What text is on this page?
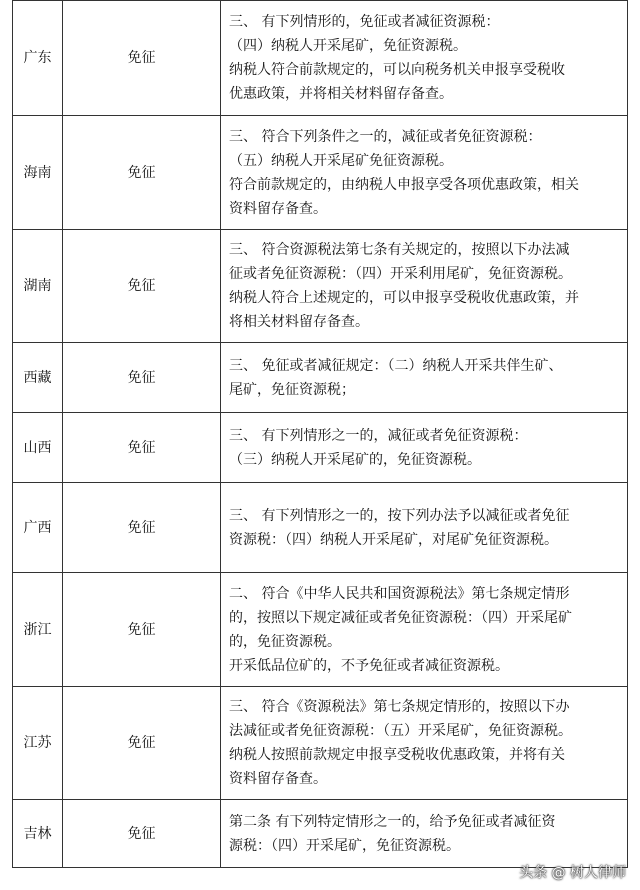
广东	免征	三、 有下列情形的，免征或者减征资源税：
（四）纳税人开采尾矿，免征资源税。
纳税人符合前款规定的，可以向税务机关申报享受税收
优惠政策，并将相关材料留存备查。

海南	免征	三、 符合下列条件之一的，减征或者免征资源税：
（五）纳税人开采尾矿免征资源税。
符合前款规定的，由纳税人申报享受各项优惠政策，相关
资料留存备查。

湖南	免征	三、 符合资源税法第七条有关规定的，按照以下办法减
征或者免征资源税：（四）开采利用尾矿，免征资源税。
纳税人符合上述规定的，可以申报享受税收优惠政策，并
将相关材料留存备查。

西藏	免征	三、 免征或者减征规定：（二）纳税人开采共伴生矿、
尾矿，免征资源税；

山西	免征	三、 有下列情形之一的，减征或者免征资源税：
（三）纳税人开采尾矿的，免征资源税。

广西	免征	三、 有下列情形之一的，按下列办法予以减征或者免征
资源税：（四）纳税人开采尾矿，对尾矿免征资源税。

浙江	免征	二、 符合《中华人民共和国资源税法》第七条规定情形
的，按照以下规定减征或者免征资源税：（四）开采尾矿
的，免征资源税。
开采低品位矿的，不予免征或者减征资源税。

江苏	免征	三、 符合《资源税法》第七条规定情形的，按照以下办
法减征或者免征资源税：（五）开采尾矿，免征资源税。
纳税人按照前款规定申报享受税收优惠政策，并将有关
资料留存备查。

吉林	免征	第二条 有下列特定情形之一的，给予免征或者减征资
源税：（四）开采尾矿，免征资源税。
头条 @ 树人律师
